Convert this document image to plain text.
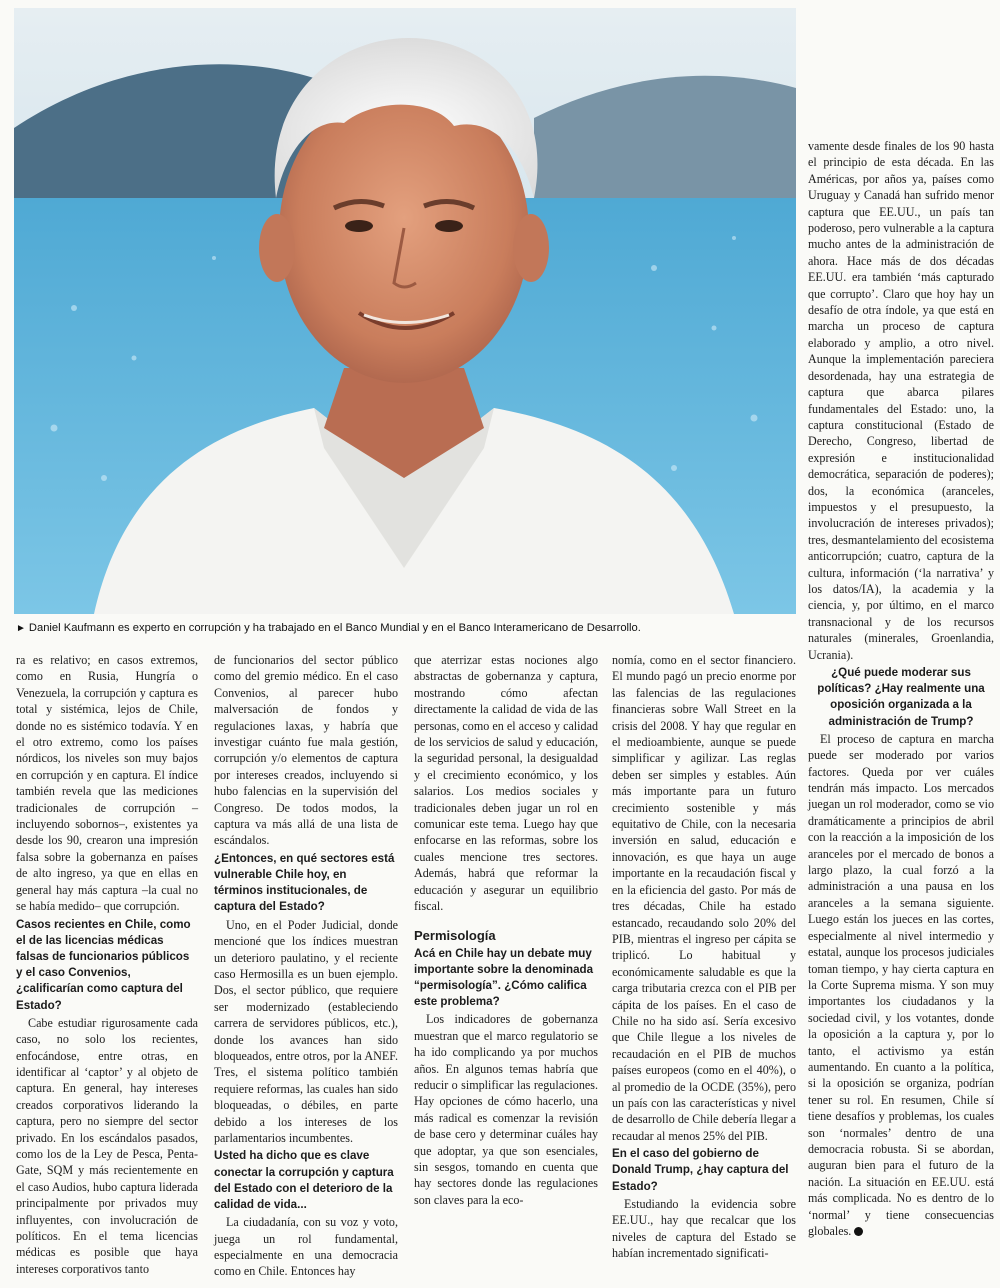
► Daniel Kaufmann es experto en corrupción y ha trabajado en el Banco Mundial y en el Banco Interamericano de Desarrollo.

vamente desde finales de los 90 hasta el principio de esta década. En las Américas, por años ya, países como Uruguay y Canadá han sufrido menor captura que EE.UU., un país tan poderoso, pero vulnerable a la captura mucho antes de la administración de ahora. Hace más de dos décadas EE.UU. era también ‘más capturado que corrupto’. Claro que hoy hay un desafío de otra índole, ya que está en marcha un proceso de captura elaborado y amplio, a otro nivel. Aunque la implementación pareciera desordenada, hay una estrategia de captura que abarca pilares fundamentales del Estado: uno, la captura constitucional (Estado de Derecho, Congreso, libertad de expresión e institucionalidad democrática, separación de poderes); dos, la económica (aranceles, impuestos y el presupuesto, la involucración de intereses privados); tres, desmantelamiento del ecosistema anticorrupción; cuatro, captura de la cultura, información (‘la narrativa’ y los datos/IA), la academia y la ciencia, y, por último, en el marco transnacional y de los recursos naturales (minerales, Groenlandia, Ucrania).

¿Qué puede moderar sus políticas? ¿Hay realmente una oposición organizada a la administración de Trump?

El proceso de captura en marcha puede ser moderado por varios factores. Queda por ver cuáles tendrán más impacto. Los mercados juegan un rol moderador, como se vio dramáticamente a principios de abril con la reacción a la imposición de los aranceles por el mercado de bonos a largo plazo, la cual forzó a la administración a una pausa en los aranceles a la semana siguiente. Luego están los jueces en las cortes, especialmente al nivel intermedio y estatal, aunque los procesos judiciales toman tiempo, y hay cierta captura en la Corte Suprema misma. Y son muy importantes los ciudadanos y la sociedad civil, y los votantes, donde la oposición a la captura y, por lo tanto, el activismo ya están aumentando. En cuanto a la política, si la oposición se organiza, podrían tener su rol. En resumen, Chile sí tiene desafíos y problemas, los cuales son ‘normales’ dentro de una democracia robusta. Si se abordan, auguran bien para el futuro de la nación. La situación en EE.UU. está más complicada. No es dentro de lo ‘normal’ y tiene consecuencias globales.

ra es relativo; en casos extremos, como en Rusia, Hungría o Venezuela, la corrupción y captura es total y sistémica, lejos de Chile, donde no es sistémico todavía. Y en el otro extremo, como los países nórdicos, los niveles son muy bajos en corrupción y en captura. El índice también revela que las mediciones tradicionales de corrupción –incluyendo sobornos–, existentes ya desde los 90, crearon una impresión falsa sobre la gobernanza en países de alto ingreso, ya que en ellas en general hay más captura –la cual no se había medido– que corrupción.

Casos recientes en Chile, como el de las licencias médicas falsas de funcionarios públicos y el caso Convenios, ¿calificarían como captura del Estado?

Cabe estudiar rigurosamente cada caso, no solo los recientes, enfocándose, entre otras, en identificar al ‘captor’ y al objeto de captura. En general, hay intereses creados corporativos liderando la captura, pero no siempre del sector privado. En los escándalos pasados, como los de la Ley de Pesca, Penta-Gate, SQM y más recientemente en el caso Audios, hubo captura liderada principalmente por privados muy influyentes, con involucración de políticos. En el tema licencias médicas es posible que haya intereses corporativos tanto

de funcionarios del sector público como del gremio médico. En el caso Convenios, al parecer hubo malversación de fondos y regulaciones laxas, y habría que investigar cuánto fue mala gestión, corrupción y/o elementos de captura por intereses creados, incluyendo si hubo falencias en la supervisión del Congreso. De todos modos, la captura va más allá de una lista de escándalos.

¿Entonces, en qué sectores está vulnerable Chile hoy, en términos institucionales, de captura del Estado?

Uno, en el Poder Judicial, donde mencioné que los índices muestran un deterioro paulatino, y el reciente caso Hermosilla es un buen ejemplo. Dos, el sector público, que requiere ser modernizado (estableciendo carrera de servidores públicos, etc.), donde los avances han sido bloqueados, entre otros, por la ANEF. Tres, el sistema político también requiere reformas, las cuales han sido bloqueadas, o débiles, en parte debido a los intereses de los parlamentarios incumbentes.

Usted ha dicho que es clave conectar la corrupción y captura del Estado con el deterioro de la calidad de vida...

La ciudadanía, con su voz y voto, juega un rol fundamental, especialmente en una democracia como en Chile. Entonces hay

que aterrizar estas nociones algo abstractas de gobernanza y captura, mostrando cómo afectan directamente la calidad de vida de las personas, como en el acceso y calidad de los servicios de salud y educación, la seguridad personal, la desigualdad y el crecimiento económico, y los salarios. Los medios sociales y tradicionales deben jugar un rol en comunicar este tema. Luego hay que enfocarse en las reformas, sobre los cuales mencione tres sectores. Además, habrá que reformar la educación y asegurar un equilibrio fiscal.

Permisología
Acá en Chile hay un debate muy importante sobre la denominada “permisología”. ¿Cómo califica este problema?

Los indicadores de gobernanza muestran que el marco regulatorio se ha ido complicando ya por muchos años. En algunos temas habría que reducir o simplificar las regulaciones. Hay opciones de cómo hacerlo, una más radical es comenzar la revisión de base cero y determinar cuáles hay que adoptar, ya que son esenciales, sin sesgos, tomando en cuenta que hay sectores donde las regulaciones son claves para la eco-

nomía, como en el sector financiero. El mundo pagó un precio enorme por las falencias de las regulaciones financieras sobre Wall Street en la crisis del 2008. Y hay que regular en el medioambiente, aunque se puede simplificar y agilizar. Las reglas deben ser simples y estables. Aún más importante para un futuro crecimiento sostenible y más equitativo de Chile, con la necesaria inversión en salud, educación e innovación, es que haya un auge importante en la recaudación fiscal y en la eficiencia del gasto. Por más de tres décadas, Chile ha estado estancado, recaudando solo 20% del PIB, mientras el ingreso per cápita se triplicó. Lo habitual y económicamente saludable es que la carga tributaria crezca con el PIB per cápita de los países. En el caso de Chile no ha sido así. Sería excesivo que Chile llegue a los niveles de recaudación en el PIB de muchos países europeos (como en el 40%), o al promedio de la OCDE (35%), pero un país con las características y nivel de desarrollo de Chile debería llegar a recaudar al menos 25% del PIB.

En el caso del gobierno de Donald Trump, ¿hay captura del Estado?

Estudiando la evidencia sobre EE.UU., hay que recalcar que los niveles de captura del Estado se habían incrementado significati-
